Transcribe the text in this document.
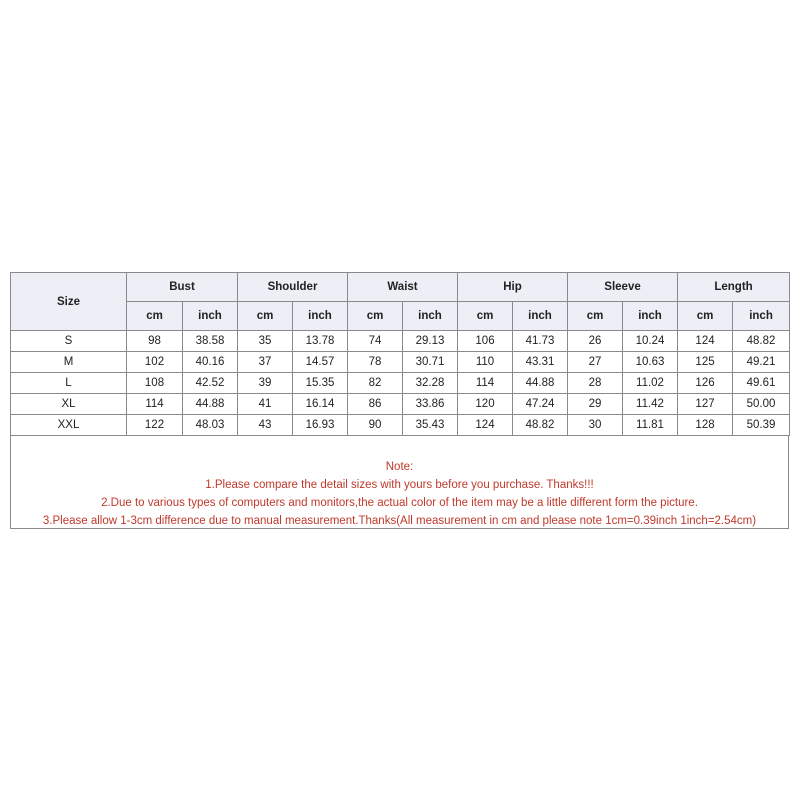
Size	Bust		Shoulder		Waist		Hip		Sleeve		Length	
	cm	inch	cm	inch	cm	inch	cm	inch	cm	inch	cm	inch
S	98	38.58	35	13.78	74	29.13	106	41.73	26	10.24	124	48.82
M	102	40.16	37	14.57	78	30.71	110	43.31	27	10.63	125	49.21
L	108	42.52	39	15.35	82	32.28	114	44.88	28	11.02	126	49.61
XL	114	44.88	41	16.14	86	33.86	120	47.24	29	11.42	127	50.00
XXL	122	48.03	43	16.93	90	35.43	124	48.82	30	11.81	128	50.39
Note:
1.Please compare the detail sizes with yours before you purchase. Thanks!!!
2.Due to various types of computers and monitors,the actual color of the item may be a little different form the picture.
3.Please allow 1-3cm difference due to manual measurement.Thanks(All measurement in cm and please note 1cm=0.39inch 1inch=2.54cm)
